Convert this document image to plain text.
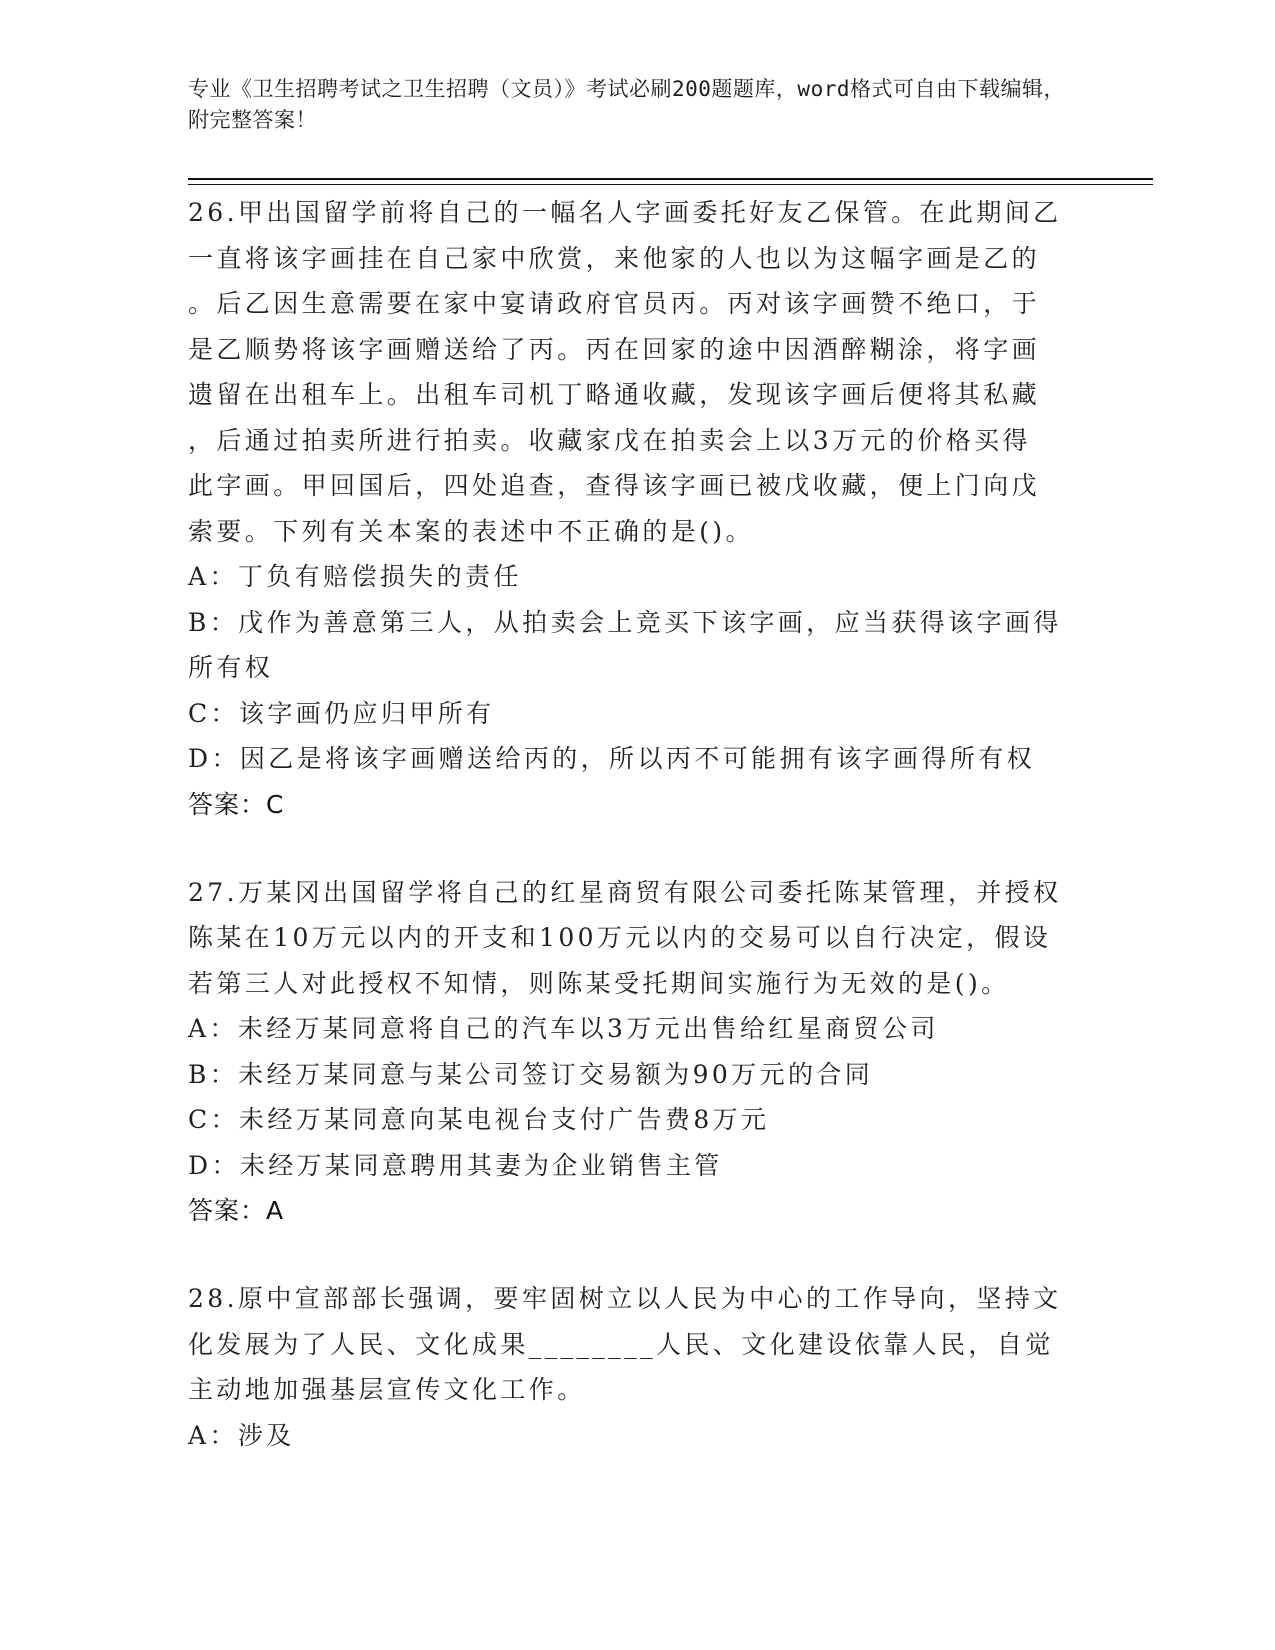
专业《卫生招聘考试之卫生招聘（文员）》考试必刷200题题库，word格式可自由下载编辑，附完整答案！
26.甲出国留学前将自己的一幅名人字画委托好友乙保管。在此期间乙
一直将该字画挂在自己家中欣赏，来他家的人也以为这幅字画是乙的
。后乙因生意需要在家中宴请政府官员丙。丙对该字画赞不绝口，于
是乙顺势将该字画赠送给了丙。丙在回家的途中因酒醉糊涂，将字画
遗留在出租车上。出租车司机丁略通收藏，发现该字画后便将其私藏
，后通过拍卖所进行拍卖。收藏家戊在拍卖会上以3万元的价格买得
此字画。甲回国后，四处追查，查得该字画已被戊收藏，便上门向戊
索要。下列有关本案的表述中不正确的是()。
A：丁负有赔偿损失的责任
B：戊作为善意第三人，从拍卖会上竞买下该字画，应当获得该字画得
所有权
C：该字画仍应归甲所有
D：因乙是将该字画赠送给丙的，所以丙不可能拥有该字画得所有权
答案：C
27.万某冈出国留学将自己的红星商贸有限公司委托陈某管理，并授权
陈某在10万元以内的开支和100万元以内的交易可以自行决定，假设
若第三人对此授权不知情，则陈某受托期间实施行为无效的是()。
A：未经万某同意将自己的汽车以3万元出售给红星商贸公司
B：未经万某同意与某公司签订交易额为90万元的合同
C：未经万某同意向某电视台支付广告费8万元
D：未经万某同意聘用其妻为企业销售主管
答案：A
28.原中宣部部长强调，要牢固树立以人民为中心的工作导向，坚持文
化发展为了人民、文化成果________人民、文化建设依靠人民，自觉
主动地加强基层宣传文化工作。
A：涉及
